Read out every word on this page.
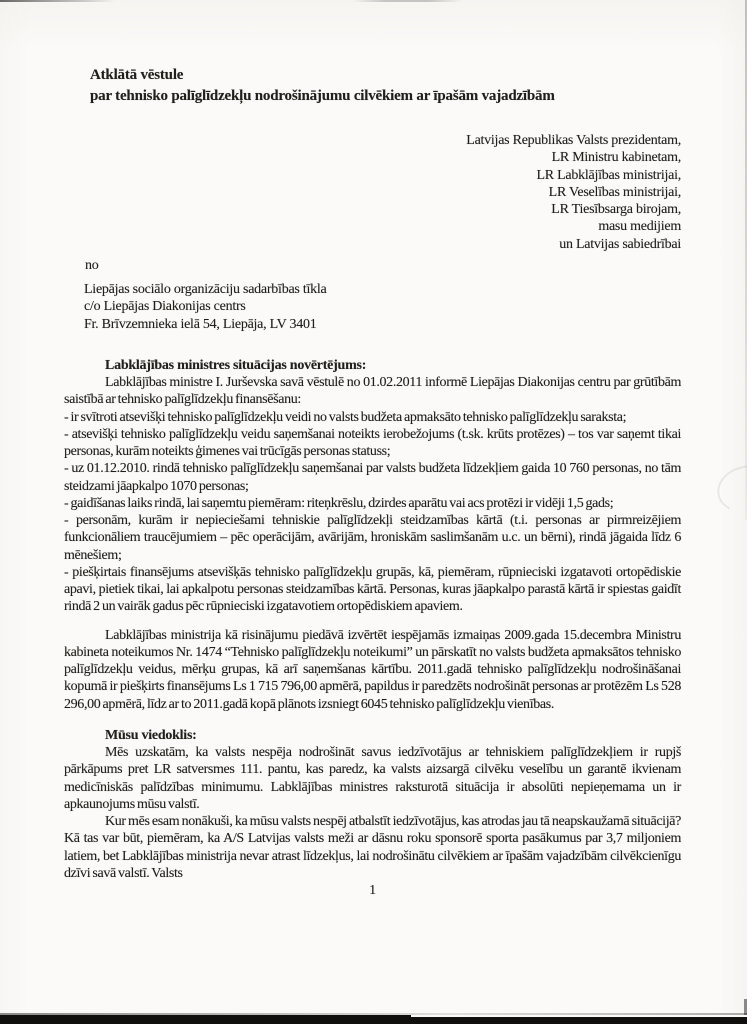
Atklātā vēstule
par tehnisko palīglīdzekļu nodrošinājumu cilvēkiem ar īpašām vajadzībām
Latvijas Republikas Valsts prezidentam,
LR Ministru kabinetam,
LR Labklājības ministrijai,
LR Veselības ministrijai,
LR Tiesībsarga birojam,
masu medijiem
un Latvijas sabiedrībai
no
Liepājas sociālo organizāciju sadarbības tīkla
c/o Liepājas Diakonijas centrs
Fr. Brīvzemnieka ielā 54, Liepāja, LV 3401
Labklājības ministres situācijas novērtējums:

Labklājības ministre I. Jurševska savā vēstulē no 01.02.2011 informē Liepājas Diakonijas centru par grūtībām saistībā ar tehnisko palīglīdzekļu finansēšanu:

- ir svītroti atsevišķi tehnisko palīglīdzekļu veidi no valsts budžeta apmaksāto tehnisko palīglīdzekļu saraksta;

- atsevišķi tehnisko palīglīdzekļu veidu saņemšanai noteikts ierobežojums (t.sk. krūts protēzes) – tos var saņemt tikai personas, kurām noteikts ģimenes vai trūcīgās personas statuss;

- uz 01.12.2010. rindā tehnisko palīglīdzekļu saņemšanai par valsts budžeta līdzekļiem gaida 10 760 personas, no tām steidzami jāapkalpo 1070 personas;

- gaidīšanas laiks rindā, lai saņemtu piemēram: riteņkrēslu, dzirdes aparātu vai acs protēzi ir vidēji 1,5 gads;

- personām, kurām ir nepieciešami tehniskie palīglīdzekļi steidzamības kārtā (t.i. personas ar pirmreizējiem funkcionāliem traucējumiem – pēc operācijām, avārijām, hroniskām saslimšanām u.c. un bērni), rindā jāgaida līdz 6 mēnešiem;

- piešķirtais finansējums atsevišķās tehnisko palīglīdzekļu grupās, kā, piemēram, rūpnieciski izgatavoti ortopēdiskie apavi, pietiek tikai, lai apkalpotu personas steidzamības kārtā. Personas, kuras jāapkalpo parastā kārtā ir spiestas gaidīt rindā 2 un vairāk gadus pēc rūpnieciski izgatavotiem ortopēdiskiem apaviem.

Labklājības ministrija kā risinājumu piedāvā izvērtēt iespējamās izmaiņas 2009.gada 15.decembra Ministru kabineta noteikumos Nr. 1474 “Tehnisko palīglīdzekļu noteikumi” un pārskatīt no valsts budžeta apmaksātos tehnisko palīglīdzekļu veidus, mērķu grupas, kā arī saņemšanas kārtību. 2011.gadā tehnisko palīglīdzekļu nodrošināšanai kopumā ir piešķirts finansējums Ls 1 715 796,00 apmērā, papildus ir paredzēts nodrošināt personas ar protēzēm Ls 528 296,00 apmērā, līdz ar to 2011.gadā kopā plānots izsniegt 6045 tehnisko palīglīdzekļu vienības.

Mūsu viedoklis:

Mēs uzskatām, ka valsts nespēja nodrošināt savus iedzīvotājus ar tehniskiem palīglīdzekļiem ir rupjš pārkāpums pret LR satversmes 111. pantu, kas paredz, ka valsts aizsargā cilvēku veselību un garantē ikvienam medicīniskās palīdzības minimumu. Labklājības ministres raksturotā situācija ir absolūti nepieņemama un ir apkaunojums mūsu valstī.

Kur mēs esam nonākuši, ka mūsu valsts nespēj atbalstīt iedzīvotājus, kas atrodas jau tā neapskaužamā situācijā? Kā tas var būt, piemēram, ka A/S Latvijas valsts meži ar dāsnu roku sponsorē sporta pasākumus par 3,7 miljoniem latiem, bet Labklājības ministrija nevar atrast līdzekļus, lai nodrošinātu cilvēkiem ar īpašām vajadzībām cilvēkcienīgu dzīvi savā valstī. Valsts

1
